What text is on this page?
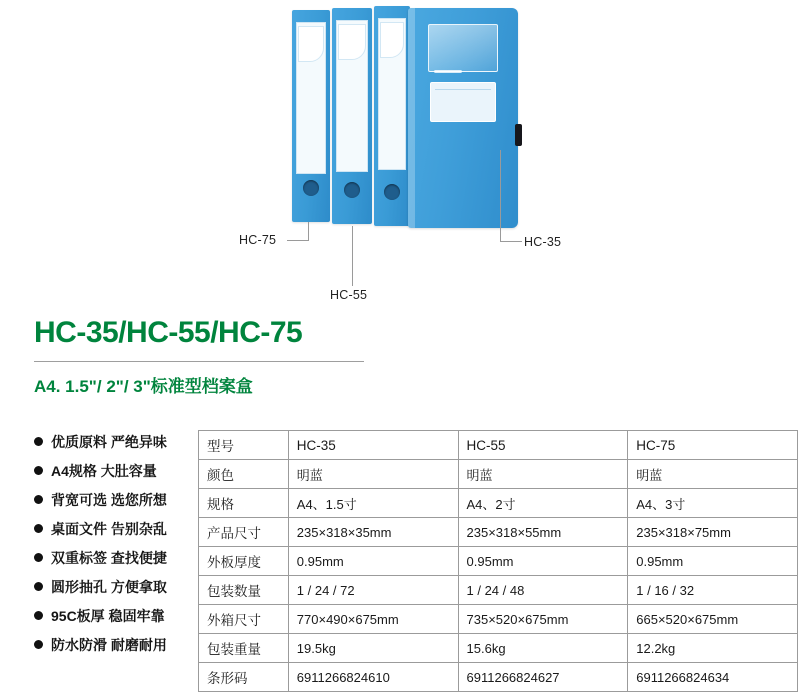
HC-75
HC-55
HC-35
HC-35/HC-55/HC-75
A4. 1.5"/ 2"/ 3"标准型档案盒
优质原料 严绝异味
A4规格 大肚容量
背宽可选 选您所想
桌面文件 告别杂乱
双重标签 查找便捷
圆形抽孔 方便拿取
95C板厚 稳固牢靠
防水防滑 耐磨耐用
型号	HC-35	HC-55	HC-75
颜色	明蓝	明蓝	明蓝
规格	A4、1.5寸	A4、2寸	A4、3寸
产品尺寸	235×318×35mm	235×318×55mm	235×318×75mm
外板厚度	0.95mm	0.95mm	0.95mm
包装数量	1 / 24 / 72	1 / 24 / 48	1 / 16 / 32
外箱尺寸	770×490×675mm	735×520×675mm	665×520×675mm
包装重量	19.5kg	15.6kg	12.2kg
条形码	6911266824610	6911266824627	6911266824634
